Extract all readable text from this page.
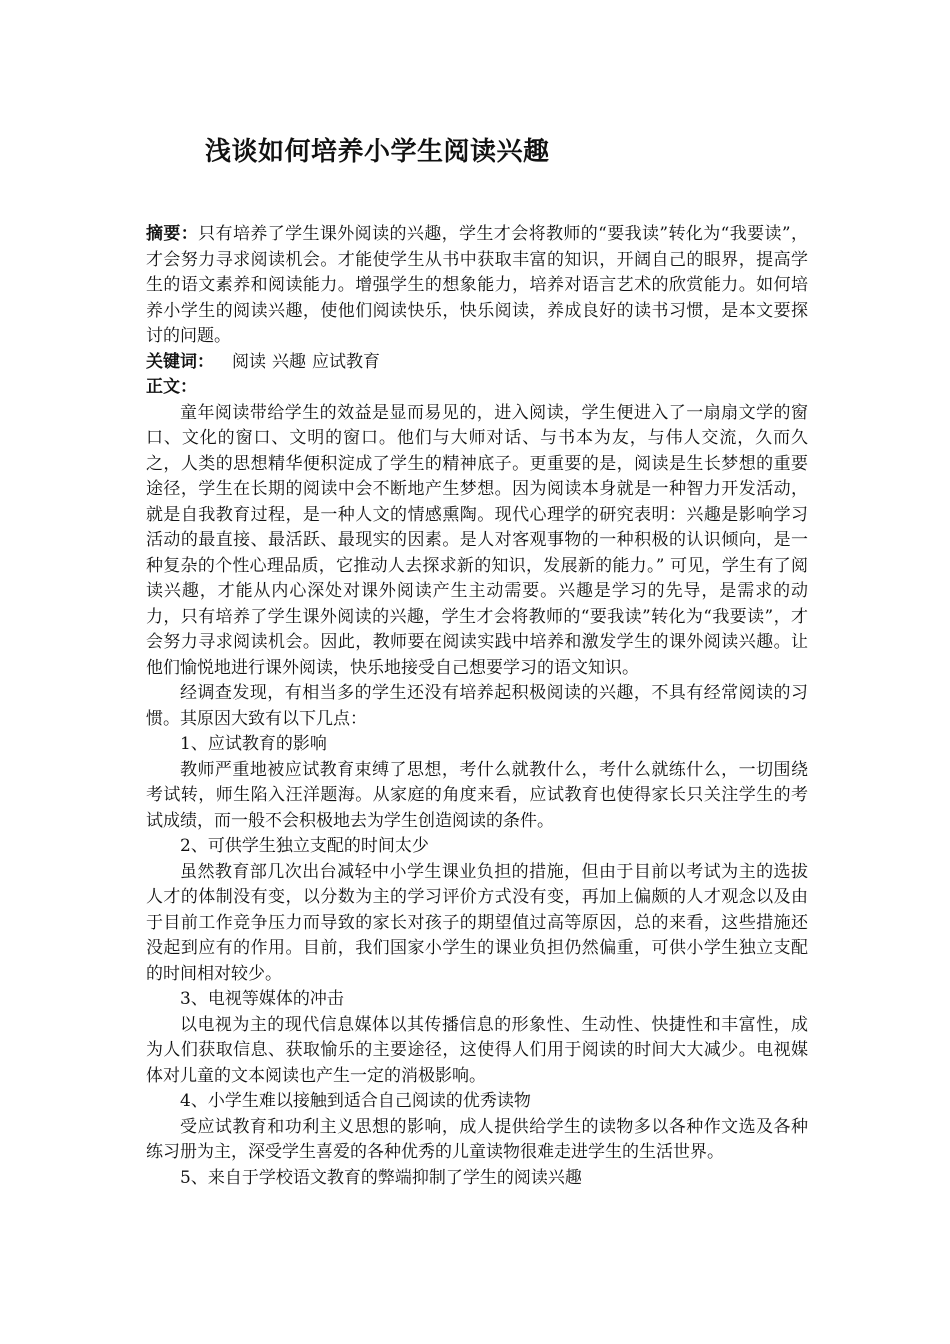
浅谈如何培养小学生阅读兴趣

摘要：只有培养了学生课外阅读的兴趣，学生才会将教师的“要我读”转化为“我要读”，才会努力寻求阅读机会。才能使学生从书中获取丰富的知识，开阔自己的眼界，提高学生的语文素养和阅读能力。增强学生的想象能力，培养对语言艺术的欣赏能力。如何培养小学生的阅读兴趣，使他们阅读快乐，快乐阅读，养成良好的读书习惯，是本文要探讨的问题。

关键词： 阅读 兴趣 应试教育

正文：

童年阅读带给学生的效益是显而易见的，进入阅读，学生便进入了一扇扇文学的窗口、文化的窗口、文明的窗口。他们与大师对话、与书本为友，与伟人交流，久而久之，人类的思想精华便积淀成了学生的精神底子。更重要的是，阅读是生长梦想的重要途径，学生在长期的阅读中会不断地产生梦想。因为阅读本身就是一种智力开发活动，就是自我教育过程，是一种人文的情感熏陶。现代心理学的研究表明：兴趣是影响学习活动的最直接、最活跃、最现实的因素。是人对客观事物的一种积极的认识倾向，是一种复杂的个性心理品质，它推动人去探求新的知识，发展新的能力。” 可见，学生有了阅读兴趣，才能从内心深处对课外阅读产生主动需要。兴趣是学习的先导，是需求的动力，只有培养了学生课外阅读的兴趣，学生才会将教师的“要我读”转化为“我要读”，才会努力寻求阅读机会。因此，教师要在阅读实践中培养和激发学生的课外阅读兴趣。让他们愉悦地进行课外阅读，快乐地接受自己想要学习的语文知识。

经调查发现，有相当多的学生还没有培养起积极阅读的兴趣，不具有经常阅读的习惯。其原因大致有以下几点：

1、应试教育的影响

教师严重地被应试教育束缚了思想，考什么就教什么，考什么就练什么，一切围绕考试转，师生陷入汪洋题海。从家庭的角度来看，应试教育也使得家长只关注学生的考试成绩，而一般不会积极地去为学生创造阅读的条件。

2、可供学生独立支配的时间太少

虽然教育部几次出台减轻中小学生课业负担的措施，但由于目前以考试为主的选拔人才的体制没有变，以分数为主的学习评价方式没有变，再加上偏颇的人才观念以及由于目前工作竞争压力而导致的家长对孩子的期望值过高等原因，总的来看，这些措施还没起到应有的作用。目前，我们国家小学生的课业负担仍然偏重，可供小学生独立支配的时间相对较少。

3、电视等媒体的冲击

以电视为主的现代信息媒体以其传播信息的形象性、生动性、快捷性和丰富性，成为人们获取信息、获取愉乐的主要途径，这使得人们用于阅读的时间大大减少。电视媒体对儿童的文本阅读也产生一定的消极影响。

4、小学生难以接触到适合自己阅读的优秀读物

受应试教育和功利主义思想的影响，成人提供给学生的读物多以各种作文选及各种练习册为主，深受学生喜爱的各种优秀的儿童读物很难走进学生的生活世界。

5、来自于学校语文教育的弊端抑制了学生的阅读兴趣
